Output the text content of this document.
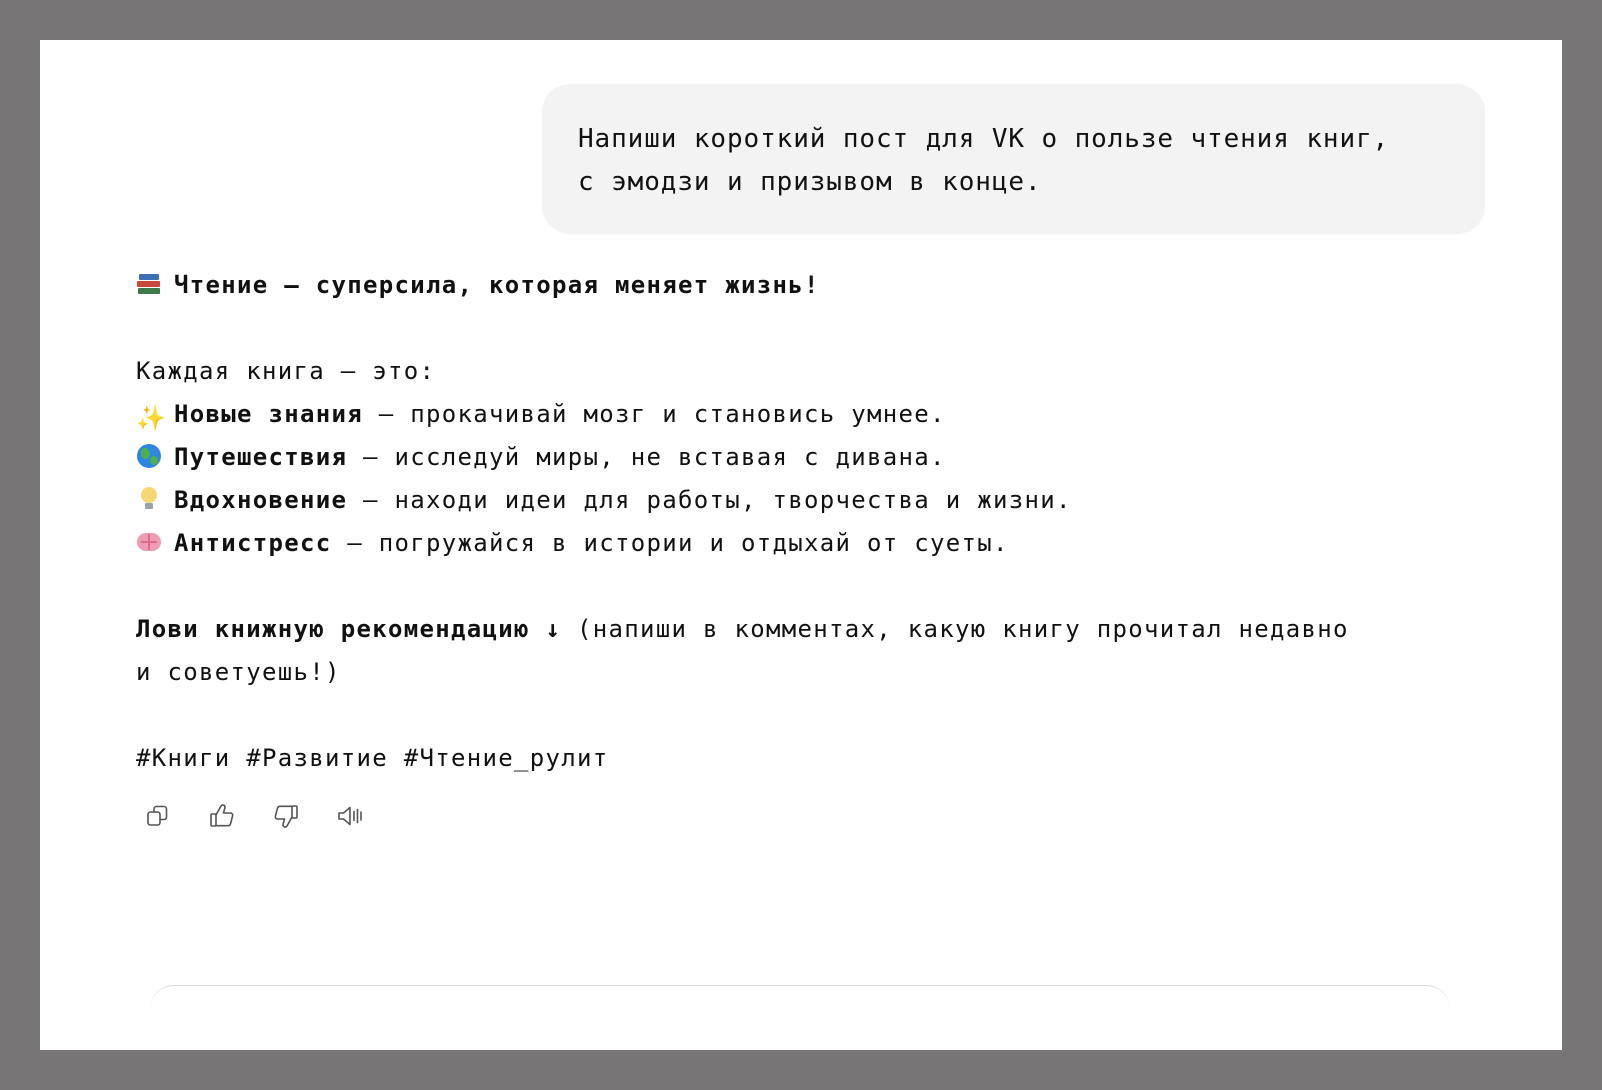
Напиши короткий пост для VK о пользе чтения книг,
с эмодзи и призывом в конце.

Чтение — суперсила, которая меняет жизнь!

Каждая книга — это:

✨ Новые знания — прокачивай мозг и становись умнее.

Путешествия — исследуй миры, не вставая с дивана.

Вдохновение — находи идеи для работы, творчества и жизни.

Антистресс — погружайся в истории и отдыхай от суеты.

Лови книжную рекомендацию ↓ (напиши в комментах, какую книгу прочитал недавно и советуешь!)

#Книги #Развитие #Чтение_рулит
